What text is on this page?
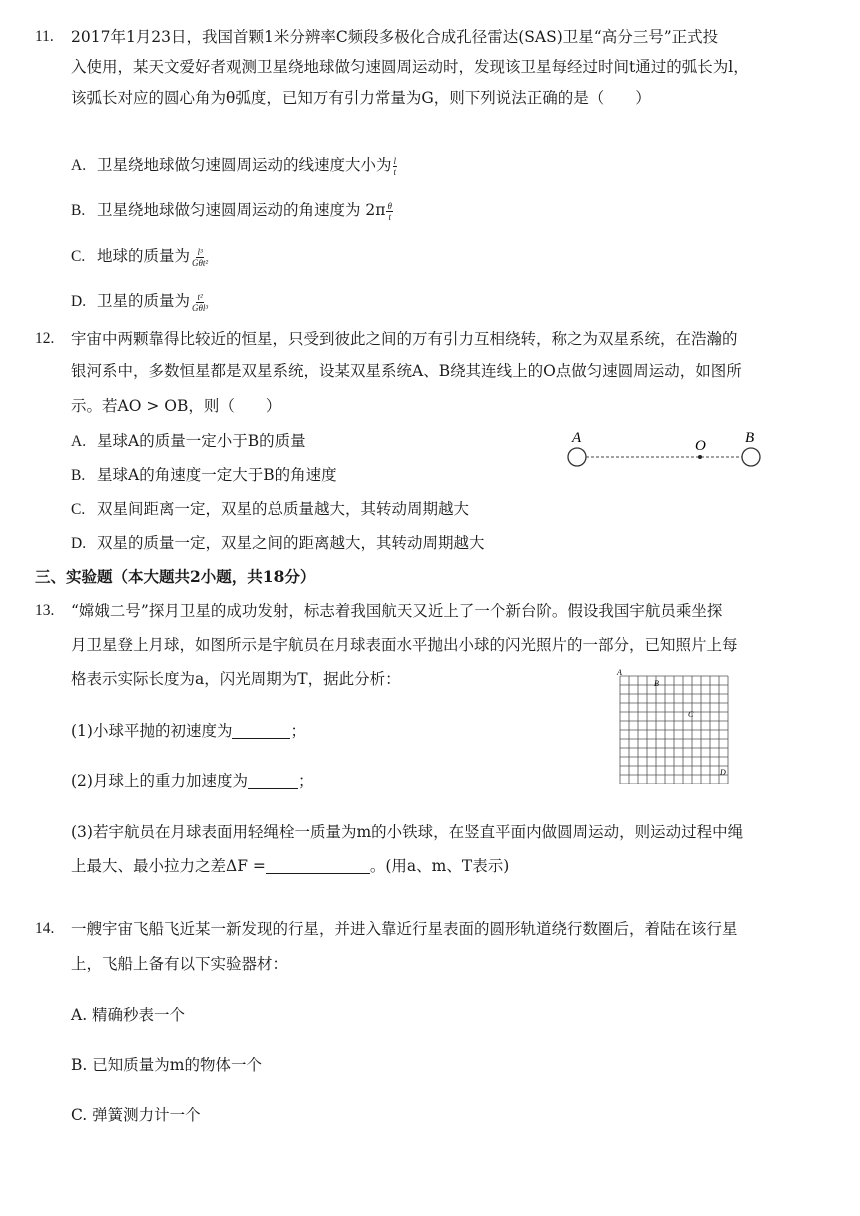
11. 2017年1月23日，我国首颗1米分辨率C频段多极化合成孔径雷达(SAS)卫星“高分三号”正式投
入使用，某天文爱好者观测卫星绕地球做匀速圆周运动时，发现该卫星每经过时间t通过的弧长为l，
该弧长对应的圆心角为θ弧度，已知万有引力常量为G，则下列说法正确的是（　　）
A. 卫星绕地球做匀速圆周运动的线速度大小为 $\frac{l}{t}$
B. 卫星绕地球做匀速圆周运动的角速度为 $2\pi \frac{\theta}{t}$
C. 地球的质量为 $\frac{\text{l³}}{\text{Gθt²}}$
D. 卫星的质量为 $\frac{\text{t²}}{\text{Gθl³}}$
12. 宇宙中两颗靠得比较近的恒星，只受到彼此之间的万有引力互相绕转，称之为双星系统，在浩瀚的
银河系中，多数恒星都是双星系统，设某双星系统A、B绕其连线上的O点做匀速圆周运动，如图所
示。若AO > OB，则（　　）
A. 星球A的质量一定小于B的质量
B. 星球A的角速度一定大于B的角速度
C. 双星间距离一定，双星的总质量越大，其转动周期越大
D. 双星的质量一定，双星之间的距离越大，其转动周期越大
A	O	B
三、实验题（本大题共2小题，共18分）
13. “嫦娥二号”探月卫星的成功发射，标志着我国航天又近上了一个新台阶。假设我国宇航员乘坐探
月卫星登上月球，如图所示是宇航员在月球表面水平抛出小球的闪光照片的一部分，已知照片上每
格表示实际长度为a，闪光周期为T，据此分析：
(1)小球平抛的初速度为	；
(2)月球上的重力加速度为	；
(3)若宇航员在月球表面用轻绳栓一质量为m的小铁球，在竖直平面内做圆周运动，则运动过程中绳
上最大、最小拉力之差ΔF =	。(用a、m、T表示)
A
B
C
D
14. 一艘宇宙飞船飞近某一新发现的行星，并进入靠近行星表面的圆形轨道绕行数圈后，着陆在该行星
上，飞船上备有以下实验器材：
A. 精确秒表一个
B. 已知质量为m的物体一个
C. 弹簧测力计一个
